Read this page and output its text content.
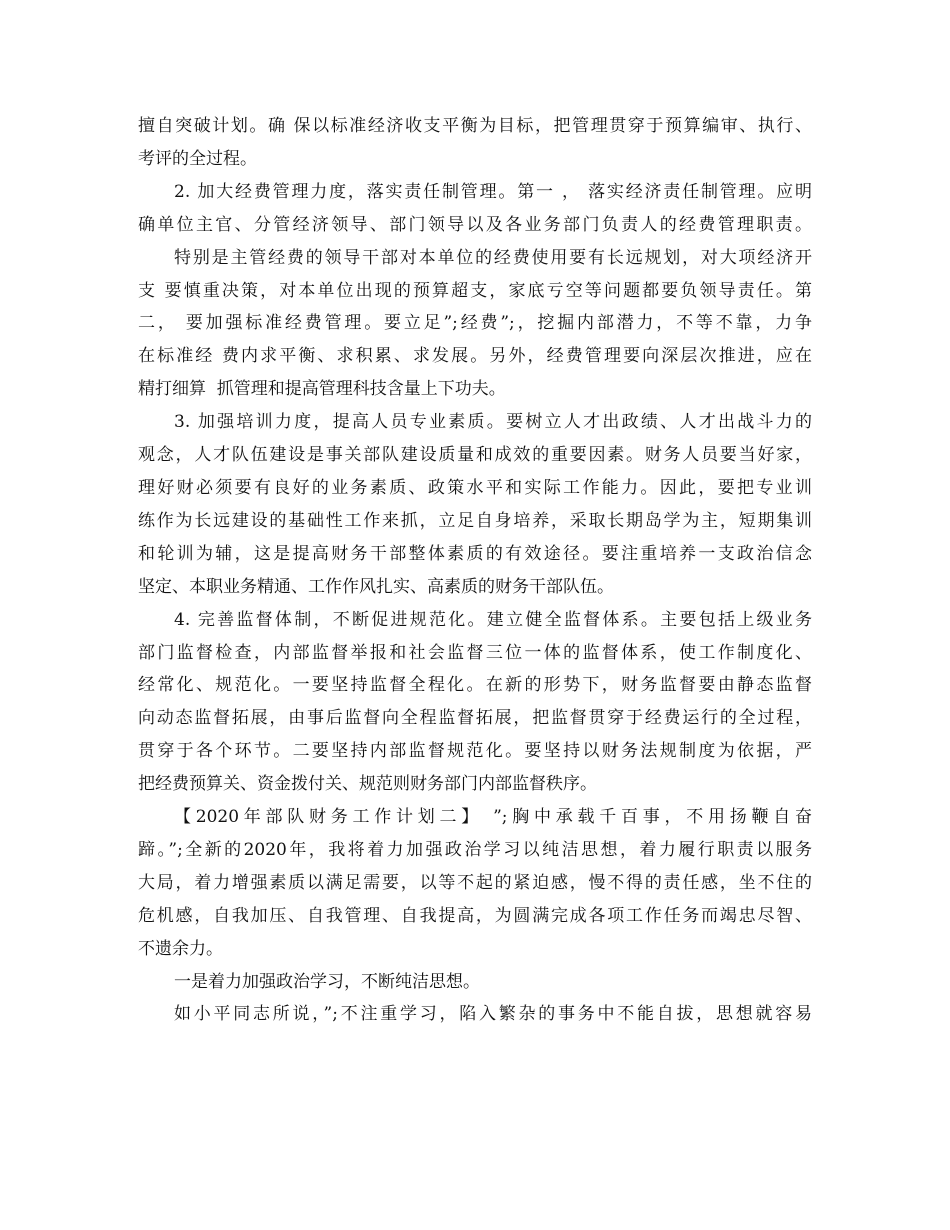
擅自突破计划。确 保以标准经济收支平衡为目标，把管理贯穿于预算编审、执行、

考评的全过程。

2. 加大经费管理力度，落实责任制管理。第一 ， 落实经济责任制管理。应明

确单位主官、分管经济领导、部门领导以及各业务部门负责人的经费管理职责。

特别是主管经费的领导干部对本单位的经费使用要有长远规划，对大项经济开

支 要慎重决策，对本单位出现的预算超支，家底亏空等问题都要负领导责任。第

二， 要加强标准经费管理。要立足”;经费”;，挖掘内部潜力，不等不靠，力争

在标准经 费内求平衡、求积累、求发展。另外，经费管理要向深层次推进，应在

精打细算  抓管理和提高管理科技含量上下功夫。

3. 加强培训力度，提高人员专业素质。要树立人才出政绩、人才出战斗力的

观念，人才队伍建设是事关部队建设质量和成效的重要因素。财务人员要当好家，

理好财必须要有良好的业务素质、政策水平和实际工作能力。因此，要把专业训

练作为长远建设的基础性工作来抓，立足自身培养，采取长期岛学为主，短期集训

和轮训为辅，这是提高财务干部整体素质的有效途径。要注重培养一支政治信念

坚定、本职业务精通、工作作风扎实、高素质的财务干部队伍。

4. 完善监督体制，不断促进规范化。建立健全监督体系。主要包括上级业务

部门监督检查，内部监督举报和社会监督三位一体的监督体系，使工作制度化、

经常化、规范化。一要坚持监督全程化。在新的形势下，财务监督要由静态监督

向动态监督拓展，由事后监督向全程监督拓展，把监督贯穿于经费运行的全过程，

贯穿于各个环节。二要坚持内部监督规范化。要坚持以财务法规制度为依据，严

把经费预算关、资金拨付关、规范则财务部门内部监督秩序。

【2020年部队财务工作计划二】 ”;胸中承载千百事，不用扬鞭自奋

蹄。”;全新的2020年，我将着力加强政治学习以纯洁思想，着力履行职责以服务

大局，着力增强素质以满足需要，以等不起的紧迫感，慢不得的责任感，坐不住的

危机感，自我加压、自我管理、自我提高，为圆满完成各项工作任务而竭忠尽智、

不遗余力。

一是着力加强政治学习，不断纯洁思想。

如小平同志所说，”;不注重学习，陷入繁杂的事务中不能自拔，思想就容易
